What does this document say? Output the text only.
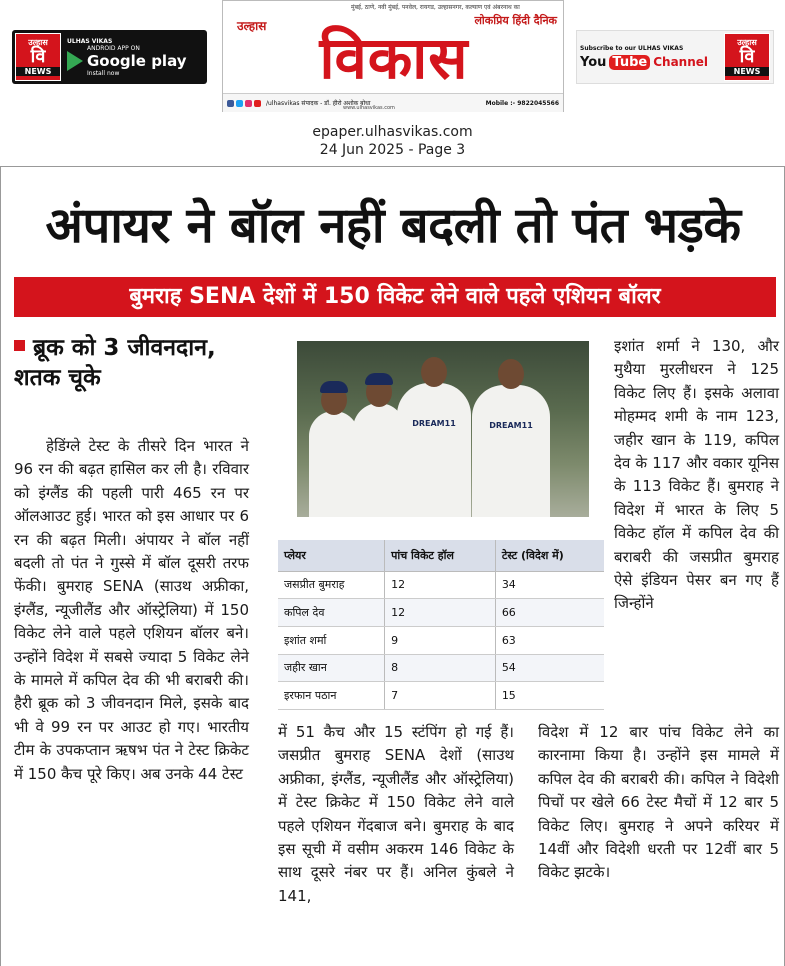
उल्हास
वि
NEWS
ULHAS VIKAS
ANDROID APP ON
Google play
Install now
मुंबई, ठाणे, नवी मुंबई, पनवेल, रायगड, उल्हासनगर, कल्याण एवं अंबरनाथ का
उल्हास	लोकप्रिय हिंदी दैनिक
विकास
/ulhasvikas संपादक - डॉ. हीरो अशोक बोधा	Mobile :- 9822045566
www.ulhasvikas.com
Subscribe to our ULHAS VIKAS
You Tube Channel
उल्हास
वि
NEWS
epaper.ulhasvikas.com
24 Jun 2025 - Page 3
अंपायर ने बॉल नहीं बदली तो पंत भड़के
बुमराह SENA देशों में 150 विकेट लेने वाले पहले एशियन बॉलर
ब्रूक को 3 जीवनदान, शतक चूके

हेडिंग्ले टेस्ट के तीसरे दिन भारत ने 96 रन की बढ़त हासिल कर ली है। रविवार को इंग्लैंड की पहली पारी 465 रन पर ऑलआउट हुई। भारत को इस आधार पर 6 रन की बढ़त मिली। अंपायर ने बॉल नहीं बदली तो पंत ने गुस्से में बॉल दूसरी तरफ फेंकी। बुमराह SENA (साउथ अफ्रीका, इंग्लैंड, न्यूजीलैंड और ऑस्ट्रेलिया) में 150 विकेट लेने वाले पहले एशियन बॉलर बने। उन्होंने विदेश में सबसे ज्यादा 5 विकेट लेने के मामले में कपिल देव की भी बराबरी की। हैरी ब्रूक को 3 जीवनदान मिले, इसके बाद भी वे 99 रन पर आउट हो गए। भारतीय टीम के उपकप्तान ऋषभ पंत ने टेस्ट क्रिकेट में 150 कैच पूरे किए। अब उनके 44 टेस्ट

DREAM11	DREAM11
प्लेयर	पांच विकेट हॉल	टेस्ट (विदेश में)
जसप्रीत बुमराह	12	34
कपिल देव	12	66
इशांत शर्मा	9	63
जहीर खान	8	54
इरफान पठान	7	15

में 51 कैच और 15 स्टंपिंग हो गई हैं। जसप्रीत बुमराह SENA देशों (साउथ अफ्रीका, इंग्लैंड, न्यूजीलैंड और ऑस्ट्रेलिया) में टेस्ट क्रिकेट में 150 विकेट लेने वाले पहले एशियन गेंदबाज बने। बुमराह के बाद इस सूची में वसीम अकरम 146 विकेट के साथ दूसरे नंबर पर हैं। अनिल कुंबले ने 141,

इशांत शर्मा ने 130, और मुथैया मुरलीधरन ने 125 विकेट लिए हैं। इसके अलावा मोहम्मद शमी के नाम 123, जहीर खान के 119, कपिल देव के 117 और वकार यूनिस के 113 विकेट हैं। बुमराह ने विदेश में भारत के लिए 5 विकेट हॉल में कपिल देव की बराबरी की जसप्रीत बुमराह ऐसे इंडियन पेसर बन गए हैं जिन्होंने

विदेश में 12 बार पांच विकेट लेने का कारनामा किया है। उन्होंने इस मामले में कपिल देव की बराबरी की। कपिल ने विदेशी पिचों पर खेले 66 टेस्ट मैचों में 12 बार 5 विकेट लिए। बुमराह ने अपने करियर में 14वीं और विदेशी धरती पर 12वीं बार 5 विकेट झटके।
